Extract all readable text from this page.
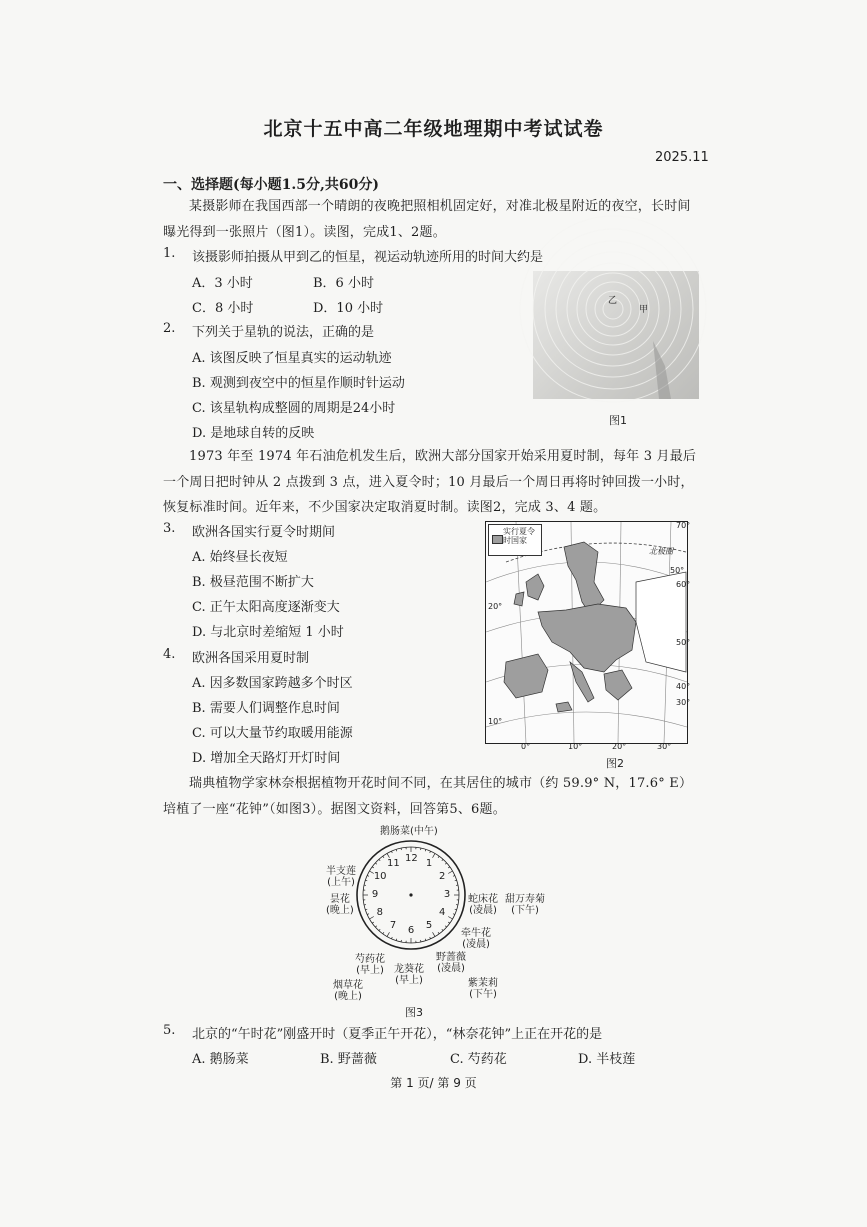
北京十五中高二年级地理期中考试试卷
2025.11
一、选择题(每小题1.5分,共60分)
某摄影师在我国西部一个晴朗的夜晚把照相机固定好，对准北极星附近的夜空，长时间曝光得到一张照片（图1）。读图，完成1、2题。
1. 该摄影师拍摄从甲到乙的恒星，视运动轨迹所用的时间大约是
A．3 小时	B．6 小时
C．8 小时	D．10 小时	乙
甲
图1
2. 下列关于星轨的说法，正确的是
A. 该图反映了恒星真实的运动轨迹
B. 观测到夜空中的恒星作顺时针运动
C. 该星轨构成整圆的周期是24小时
D. 是地球自转的反映
1973 年至 1974 年石油危机发生后，欧洲大部分国家开始采用夏时制，每年 3 月最后一个周日把时钟从 2 点拨到 3 点，进入夏令时；10 月最后一个周日再将时钟回拨一小时，恢复标准时间。近年来，不少国家决定取消夏时制。读图2，完成 3、4 题。
3. 欧洲各国实行夏令时期间
A. 始终昼长夜短
B. 极昼范围不断扩大
C. 正午太阳高度逐渐变大
D. 与北京时差缩短 1 小时
4. 欧洲各国采用夏时制
A. 因多数国家跨越多个时区
B. 需要人们调整作息时间
C. 可以大量节约取暖用能源
D. 增加全天路灯开灯时间
实行夏令时国家
北极圈
70°
50°
60°
20°
50°
40°
30°
10°
0°	10°	20°	30°
图2
瑞典植物学家林奈根据植物开花时间不同，在其居住的城市（约 59.9° N，17.6° E）培植了一座“花钟”（如图3）。据图文资料，回答第5、6题。
12 1
2
3
4
5
6
7
8
9
10
11
鹅肠菜(中午)
半支莲
(上午)
昙花
(晚上)
蛇床花
(凌晨)
甜万寿菊
(下午)
牵牛花
(凌晨)
野蔷薇
(凌晨)
龙葵花
(早上)
芍药花
(早上)
烟草花
(晚上)
紫茉莉
(下午)
图3
5. 北京的“午时花”刚盛开时（夏季正午开花），“林奈花钟”上正在开花的是
A. 鹅肠菜	B. 野蔷薇	C. 芍药花	D. 半枝莲
第 1 页/ 第 9 页
